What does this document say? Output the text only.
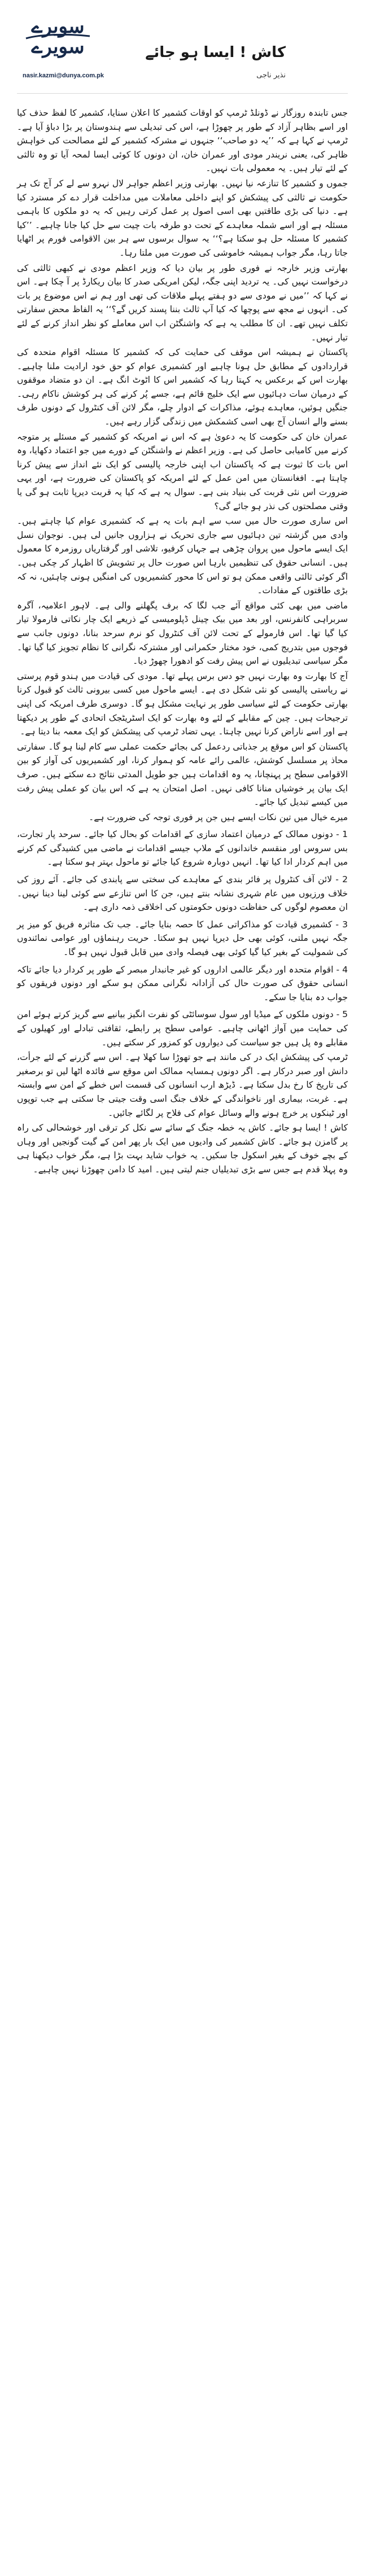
سویرے
سویرے
nasir.kazmi@dunya.com.pk
کاش ! ایسا ہو جائے
نذیر ناجی

جس تابندہ روزگار نے ڈونلڈ ٹرمپ کو اوقات کشمیر کا اعلان سنایا، کشمیر کا لفظ حذف کیا اور اسے بظاہر آزاد کے طور پر چھوڑا ہے، اس کی تبدیلی سے ہندوستان پر بڑا دباؤ آیا ہے۔ ٹرمپ نے کہا ہے کہ ’’یہ دو صاحب‘‘ جنہوں نے مشرکہ کشمیر کے لئے مصالحت کی خواہش ظاہر کی، یعنی نریندر مودی اور عمران خان، ان دونوں کا کوئی ایسا لمحہ آیا تو وہ ثالثی کے لئے تیار ہیں۔ یہ معمولی بات نہیں۔

جموں و کشمیر کا تنازعہ نیا نہیں۔ بھارتی وزیر اعظم جواہر لال نہرو سے لے کر آج تک ہر حکومت نے ثالثی کی پیشکش کو اپنے داخلی معاملات میں مداخلت قرار دے کر مسترد کیا ہے۔ دنیا کی بڑی طاقتیں بھی اسی اصول پر عمل کرتی رہیں کہ یہ دو ملکوں کا باہمی مسئلہ ہے اور اسے شملہ معاہدے کے تحت دو طرفہ بات چیت سے حل کیا جانا چاہیے۔ ’’کیا کشمیر کا مسئلہ حل ہو سکتا ہے؟‘‘ یہ سوال برسوں سے ہر بین الاقوامی فورم پر اٹھایا جاتا رہا، مگر جواب ہمیشہ خاموشی کی صورت میں ملتا رہا۔

بھارتی وزیر خارجہ نے فوری طور پر بیان دیا کہ وزیر اعظم مودی نے کبھی ثالثی کی درخواست نہیں کی۔ یہ تردید اپنی جگہ، لیکن امریکی صدر کا بیان ریکارڈ پر آ چکا ہے۔ اس نے کہا کہ ’’میں نے مودی سے دو ہفتے پہلے ملاقات کی تھی اور ہم نے اس موضوع پر بات کی۔ انہوں نے مجھ سے پوچھا کہ کیا آپ ثالث بننا پسند کریں گے؟‘‘ یہ الفاظ محض سفارتی تکلف نہیں تھے۔ ان کا مطلب یہ ہے کہ واشنگٹن اب اس معاملے کو نظر انداز کرنے کے لئے تیار نہیں۔

پاکستان نے ہمیشہ اس موقف کی حمایت کی کہ کشمیر کا مسئلہ اقوام متحدہ کی قراردادوں کے مطابق حل ہونا چاہیے اور کشمیری عوام کو حق خود ارادیت ملنا چاہیے۔ بھارت اس کے برعکس یہ کہتا رہا کہ کشمیر اس کا اٹوٹ انگ ہے۔ ان دو متضاد موقفوں کے درمیان سات دہائیوں سے ایک خلیج قائم ہے، جسے پُر کرنے کی ہر کوشش ناکام رہی۔ جنگیں ہوئیں، معاہدے ہوئے، مذاکرات کے ادوار چلے، مگر لائن آف کنٹرول کے دونوں طرف بسنے والے انسان آج بھی اسی کشمکش میں زندگی گزار رہے ہیں۔

عمران خان کی حکومت کا یہ دعویٰ ہے کہ اس نے امریکہ کو کشمیر کے مسئلے پر متوجہ کرنے میں کامیابی حاصل کی ہے۔ وزیر اعظم نے واشنگٹن کے دورے میں جو اعتماد دکھایا، وہ اس بات کا ثبوت ہے کہ پاکستان اب اپنی خارجہ پالیسی کو ایک نئے انداز سے پیش کرنا چاہتا ہے۔ افغانستان میں امن عمل کے لئے امریکہ کو پاکستان کی ضرورت ہے، اور یہی ضرورت اس نئی قربت کی بنیاد بنی ہے۔ سوال یہ ہے کہ کیا یہ قربت دیرپا ثابت ہو گی یا وقتی مصلحتوں کی نذر ہو جائے گی؟

اس ساری صورت حال میں سب سے اہم بات یہ ہے کہ کشمیری عوام کیا چاہتے ہیں۔ وادی میں گزشتہ تین دہائیوں سے جاری تحریک نے ہزاروں جانیں لی ہیں۔ نوجوان نسل ایک ایسے ماحول میں پروان چڑھی ہے جہاں کرفیو، تلاشی اور گرفتاریاں روزمرہ کا معمول ہیں۔ انسانی حقوق کی تنظیمیں بارہا اس صورت حال پر تشویش کا اظہار کر چکی ہیں۔ اگر کوئی ثالثی واقعی ممکن ہو تو اس کا محور کشمیریوں کی امنگیں ہونی چاہئیں، نہ کہ بڑی طاقتوں کے مفادات۔

ماضی میں بھی کئی مواقع آئے جب لگا کہ برف پگھلنے والی ہے۔ لاہور اعلامیہ، آگرہ سربراہی کانفرنس، اور بعد میں بیک چینل ڈپلومیسی کے ذریعے ایک چار نکاتی فارمولا تیار کیا گیا تھا۔ اس فارمولے کے تحت لائن آف کنٹرول کو نرم سرحد بنانا، دونوں جانب سے فوجوں میں بتدریج کمی، خود مختار حکمرانی اور مشترکہ نگرانی کا نظام تجویز کیا گیا تھا۔ مگر سیاسی تبدیلیوں نے اس پیش رفت کو ادھورا چھوڑ دیا۔

آج کا بھارت وہ بھارت نہیں جو دس برس پہلے تھا۔ مودی کی قیادت میں ہندو قوم پرستی نے ریاستی پالیسی کو نئی شکل دی ہے۔ ایسے ماحول میں کسی بیرونی ثالث کو قبول کرنا بھارتی حکومت کے لئے سیاسی طور پر نہایت مشکل ہو گا۔ دوسری طرف امریکہ کی اپنی ترجیحات ہیں۔ چین کے مقابلے کے لئے وہ بھارت کو ایک اسٹریٹجک اتحادی کے طور پر دیکھتا ہے اور اسے ناراض کرنا نہیں چاہتا۔ یہی تضاد ٹرمپ کی پیشکش کو ایک معمہ بنا دیتا ہے۔

پاکستان کو اس موقع پر جذباتی ردعمل کی بجائے حکمت عملی سے کام لینا ہو گا۔ سفارتی محاذ پر مسلسل کوشش، عالمی رائے عامہ کو ہموار کرنا، اور کشمیریوں کی آواز کو بین الاقوامی سطح پر پہنچانا، یہ وہ اقدامات ہیں جو طویل المدتی نتائج دے سکتے ہیں۔ صرف ایک بیان پر خوشیاں منانا کافی نہیں۔ اصل امتحان یہ ہے کہ اس بیان کو عملی پیش رفت میں کیسے تبدیل کیا جائے۔

میرے خیال میں تین نکات ایسے ہیں جن پر فوری توجہ کی ضرورت ہے۔

1 - دونوں ممالک کے درمیان اعتماد سازی کے اقدامات کو بحال کیا جائے۔ سرحد پار تجارت، بس سروس اور منقسم خاندانوں کے ملاپ جیسے اقدامات نے ماضی میں کشیدگی کم کرنے میں اہم کردار ادا کیا تھا۔ انہیں دوبارہ شروع کیا جائے تو ماحول بہتر ہو سکتا ہے۔

2 - لائن آف کنٹرول پر فائر بندی کے معاہدے کی سختی سے پابندی کی جائے۔ آئے روز کی خلاف ورزیوں میں عام شہری نشانہ بنتے ہیں، جن کا اس تنازعے سے کوئی لینا دینا نہیں۔ ان معصوم لوگوں کی حفاظت دونوں حکومتوں کی اخلاقی ذمہ داری ہے۔

3 - کشمیری قیادت کو مذاکراتی عمل کا حصہ بنایا جائے۔ جب تک متاثرہ فریق کو میز پر جگہ نہیں ملتی، کوئی بھی حل دیرپا نہیں ہو سکتا۔ حریت رہنماؤں اور عوامی نمائندوں کی شمولیت کے بغیر کیا گیا کوئی بھی فیصلہ وادی میں قابل قبول نہیں ہو گا۔

4 - اقوام متحدہ اور دیگر عالمی اداروں کو غیر جانبدار مبصر کے طور پر کردار دیا جائے تاکہ انسانی حقوق کی صورت حال کی آزادانہ نگرانی ممکن ہو سکے اور دونوں فریقوں کو جواب دہ بنایا جا سکے۔

5 - دونوں ملکوں کے میڈیا اور سول سوسائٹی کو نفرت انگیز بیانیے سے گریز کرتے ہوئے امن کی حمایت میں آواز اٹھانی چاہیے۔ عوامی سطح پر رابطے، ثقافتی تبادلے اور کھیلوں کے مقابلے وہ پل ہیں جو سیاست کی دیواروں کو کمزور کر سکتے ہیں۔

ٹرمپ کی پیشکش ایک در کی مانند ہے جو تھوڑا سا کھلا ہے۔ اس سے گزرنے کے لئے جرأت، دانش اور صبر درکار ہے۔ اگر دونوں ہمسایہ ممالک اس موقع سے فائدہ اٹھا لیں تو برصغیر کی تاریخ کا رخ بدل سکتا ہے۔ ڈیڑھ ارب انسانوں کی قسمت اس خطے کے امن سے وابستہ ہے۔ غربت، بیماری اور ناخواندگی کے خلاف جنگ اسی وقت جیتی جا سکتی ہے جب توپوں اور ٹینکوں پر خرچ ہونے والے وسائل عوام کی فلاح پر لگائے جائیں۔

کاش ! ایسا ہو جائے۔ کاش یہ خطہ جنگ کے سائے سے نکل کر ترقی اور خوشحالی کی راہ پر گامزن ہو جائے۔ کاش کشمیر کی وادیوں میں ایک بار پھر امن کے گیت گونجیں اور وہاں کے بچے خوف کے بغیر اسکول جا سکیں۔ یہ خواب شاید بہت بڑا ہے، مگر خواب دیکھنا ہی وہ پہلا قدم ہے جس سے بڑی تبدیلیاں جنم لیتی ہیں۔ امید کا دامن چھوڑنا نہیں چاہیے۔
